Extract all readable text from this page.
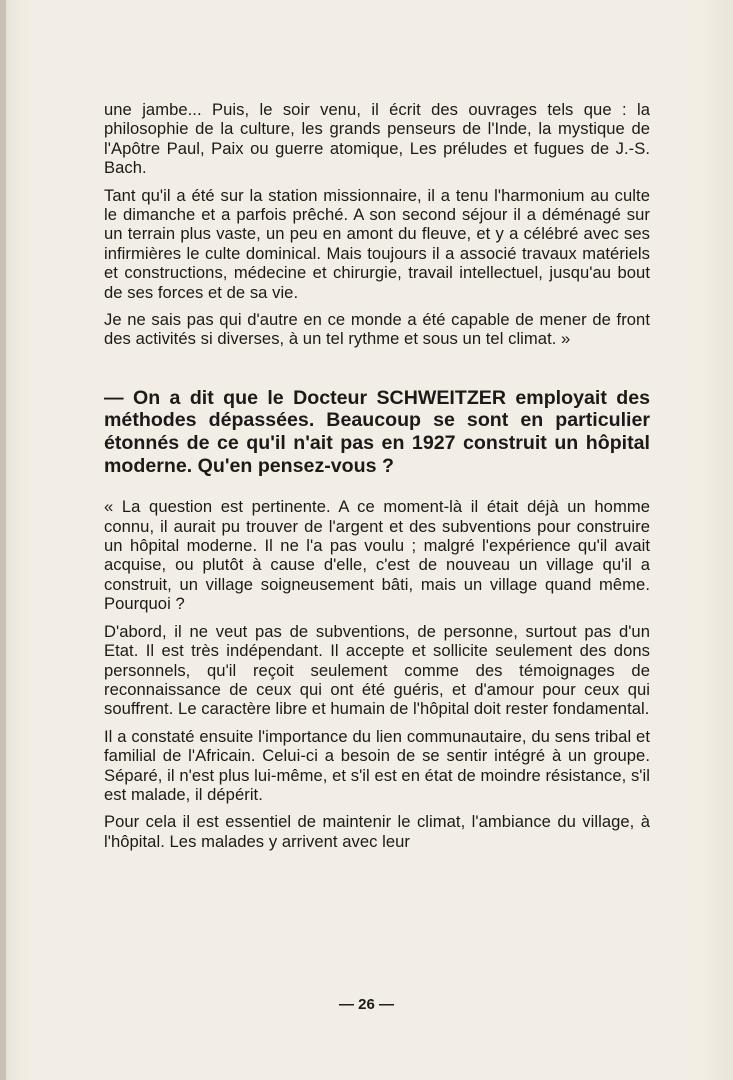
une jambe... Puis, le soir venu, il écrit des ouvrages tels que : la philosophie de la culture, les grands penseurs de l'Inde, la mystique de l'Apôtre Paul, Paix ou guerre atomique, Les préludes et fugues de J.-S. Bach.

Tant qu'il a été sur la station missionnaire, il a tenu l'harmonium au culte le dimanche et a parfois prêché. A son second séjour il a déménagé sur un terrain plus vaste, un peu en amont du fleuve, et y a célébré avec ses infirmières le culte dominical. Mais toujours il a associé travaux matériels et constructions, médecine et chirurgie, travail intellectuel, jusqu'au bout de ses forces et de sa vie.

Je ne sais pas qui d'autre en ce monde a été capable de mener de front des activités si diverses, à un tel rythme et sous un tel climat. »

— On a dit que le Docteur SCHWEITZER employait des méthodes dépassées. Beaucoup se sont en particulier étonnés de ce qu'il n'ait pas en 1927 construit un hôpital moderne. Qu'en pensez-vous ?

« La question est pertinente. A ce moment-là il était déjà un homme connu, il aurait pu trouver de l'argent et des subventions pour construire un hôpital moderne. Il ne l'a pas voulu ; malgré l'expérience qu'il avait acquise, ou plutôt à cause d'elle, c'est de nouveau un village qu'il a construit, un village soigneusement bâti, mais un village quand même. Pourquoi ?

D'abord, il ne veut pas de subventions, de personne, surtout pas d'un Etat. Il est très indépendant. Il accepte et sollicite seulement des dons personnels, qu'il reçoit seulement comme des témoignages de reconnaissance de ceux qui ont été guéris, et d'amour pour ceux qui souffrent. Le caractère libre et humain de l'hôpital doit rester fondamental.

Il a constaté ensuite l'importance du lien communautaire, du sens tribal et familial de l'Africain. Celui-ci a besoin de se sentir intégré à un groupe. Séparé, il n'est plus lui-même, et s'il est en état de moindre résistance, s'il est malade, il dépérit.

Pour cela il est essentiel de maintenir le climat, l'ambiance du village, à l'hôpital. Les malades y arrivent avec leur

— 26 —
